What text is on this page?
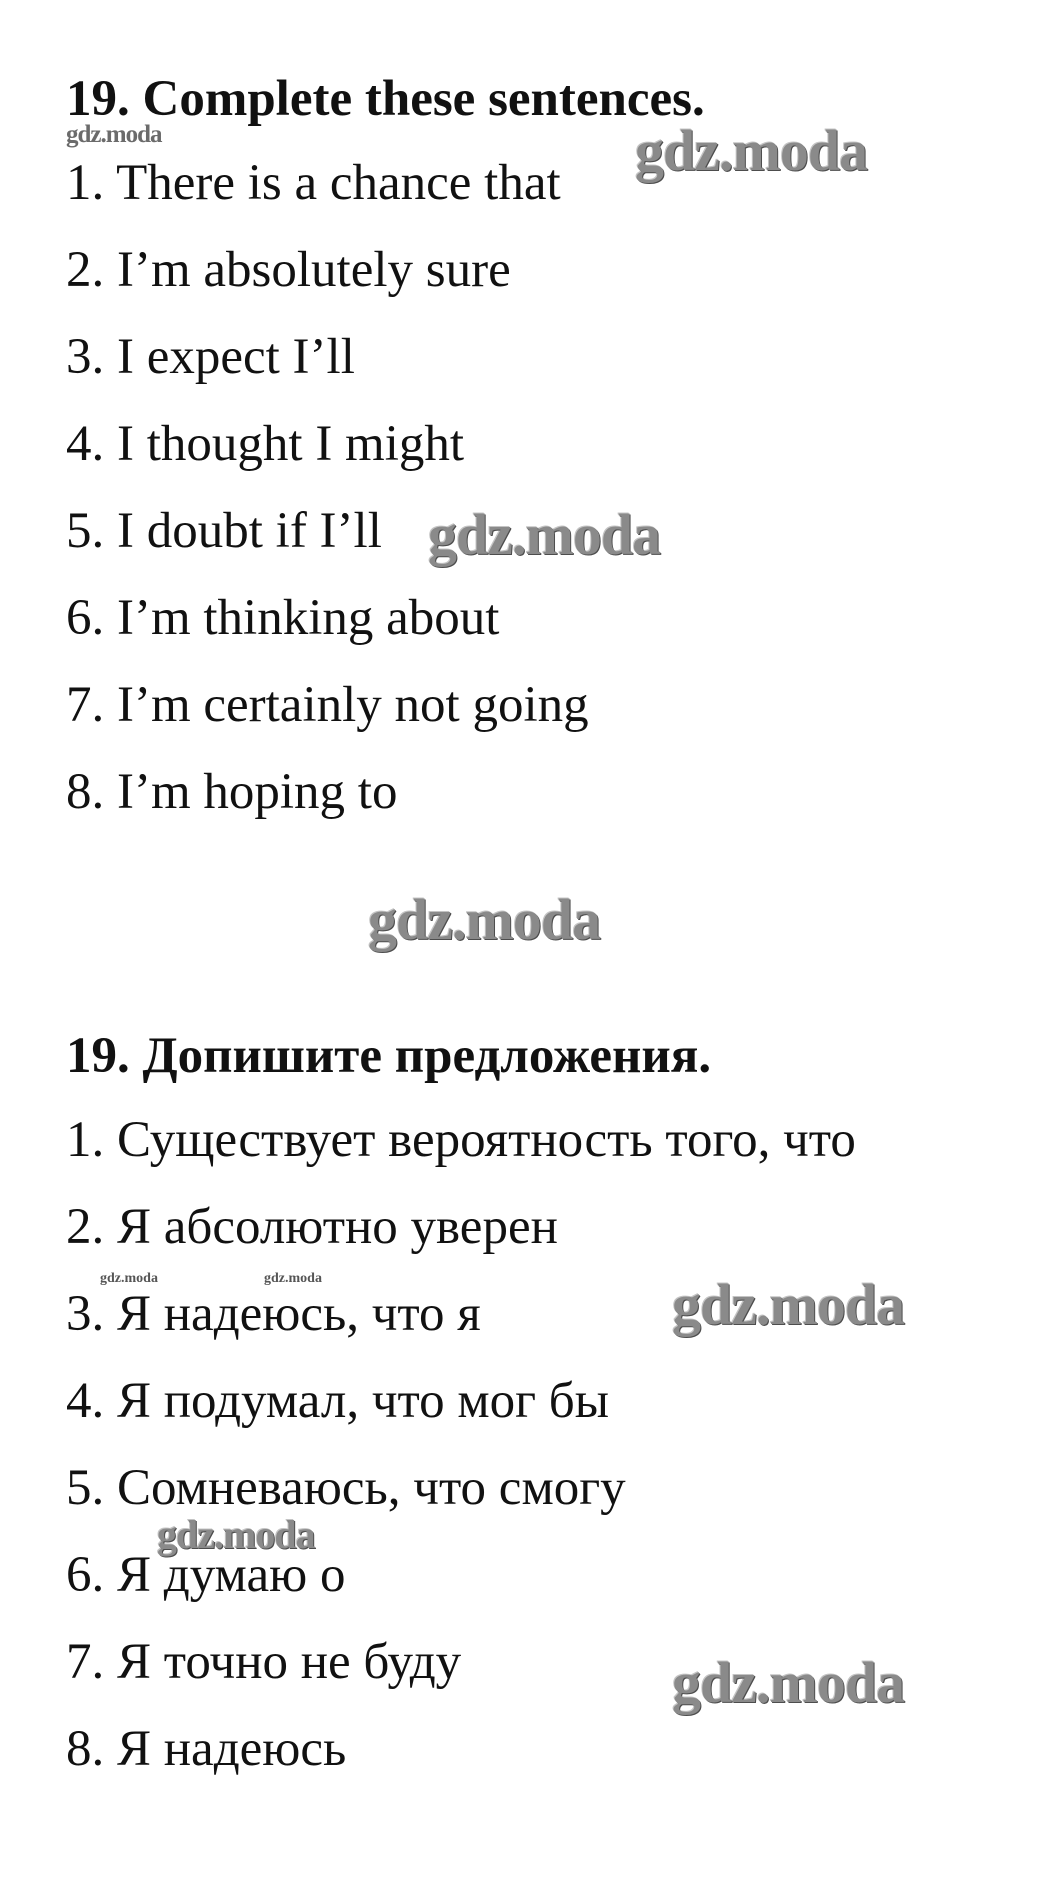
19. Complete these sentences.

1. There is a chance that

2. I’m absolutely sure

3. I expect I’ll

4. I thought I might

5. I doubt if I’ll

6. I’m thinking about

7. I’m certainly not going

8. I’m hoping to

19. Допишите предложения.

1. Существует вероятность того, что

2. Я абсолютно уверен

3. Я надеюсь, что я

4. Я подумал, что мог бы

5. Сомневаюсь, что смогу

6. Я думаю о

7. Я точно не буду

8. Я надеюсь

gdz.moda	gdz.moda
gdz.moda
gdz.moda
gdz.moda	gdz.moda	gdz.moda
gdz.moda
gdz.moda
